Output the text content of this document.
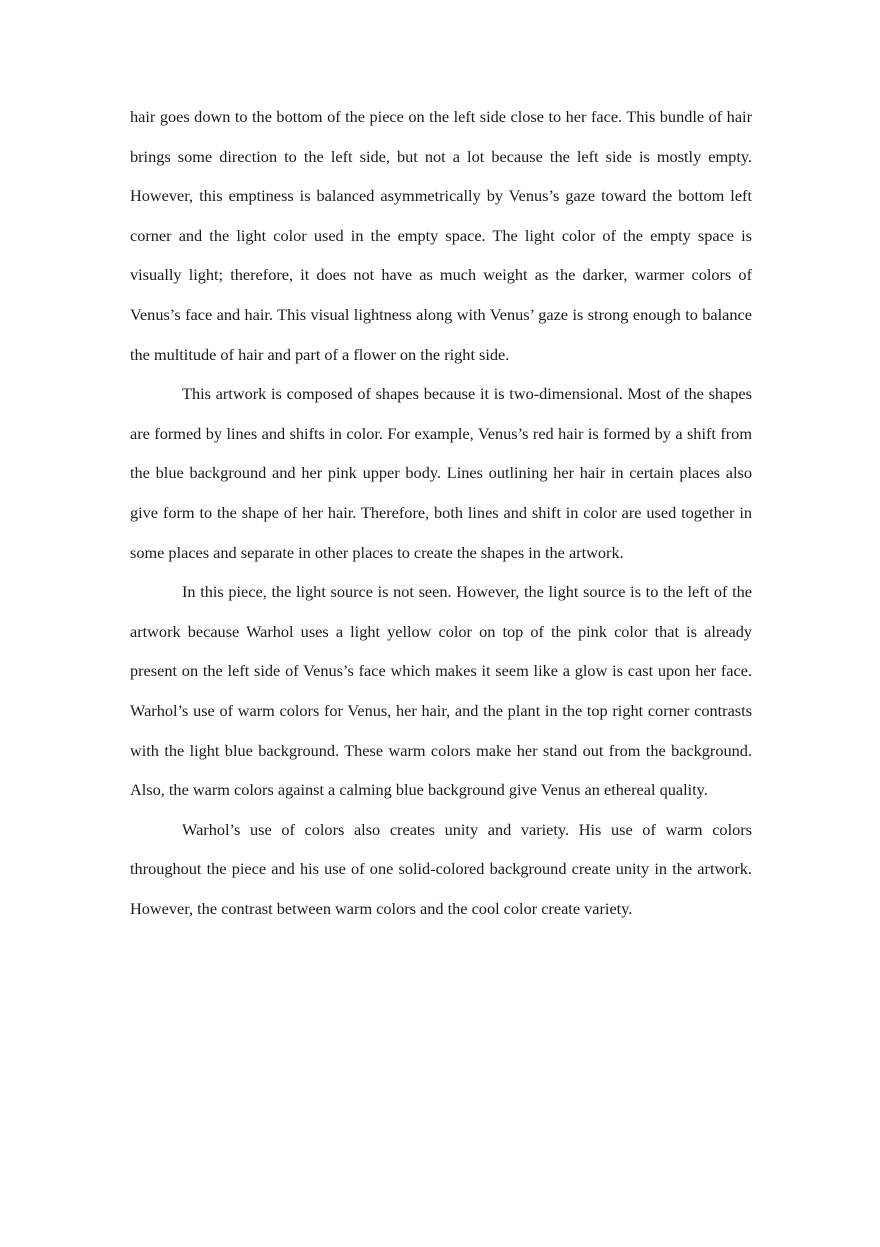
hair goes down to the bottom of the piece on the left side close to her face. This bundle of hair brings some direction to the left side, but not a lot because the left side is mostly empty. However, this emptiness is balanced asymmetrically by Venus’s gaze toward the bottom left corner and the light color used in the empty space. The light color of the empty space is visually light; therefore, it does not have as much weight as the darker, warmer colors of Venus’s face and hair. This visual lightness along with Venus’ gaze is strong enough to balance the multitude of hair and part of a flower on the right side.

This artwork is composed of shapes because it is two-dimensional. Most of the shapes are formed by lines and shifts in color. For example, Venus’s red hair is formed by a shift from the blue background and her pink upper body. Lines outlining her hair in certain places also give form to the shape of her hair. Therefore, both lines and shift in color are used together in some places and separate in other places to create the shapes in the artwork.

In this piece, the light source is not seen. However, the light source is to the left of the artwork because Warhol uses a light yellow color on top of the pink color that is already present on the left side of Venus’s face which makes it seem like a glow is cast upon her face. Warhol’s use of warm colors for Venus, her hair, and the plant in the top right corner contrasts with the light blue background. These warm colors make her stand out from the background. Also, the warm colors against a calming blue background give Venus an ethereal quality.

Warhol’s use of colors also creates unity and variety. His use of warm colors throughout the piece and his use of one solid-colored background create unity in the artwork. However, the contrast between warm colors and the cool color create variety.
